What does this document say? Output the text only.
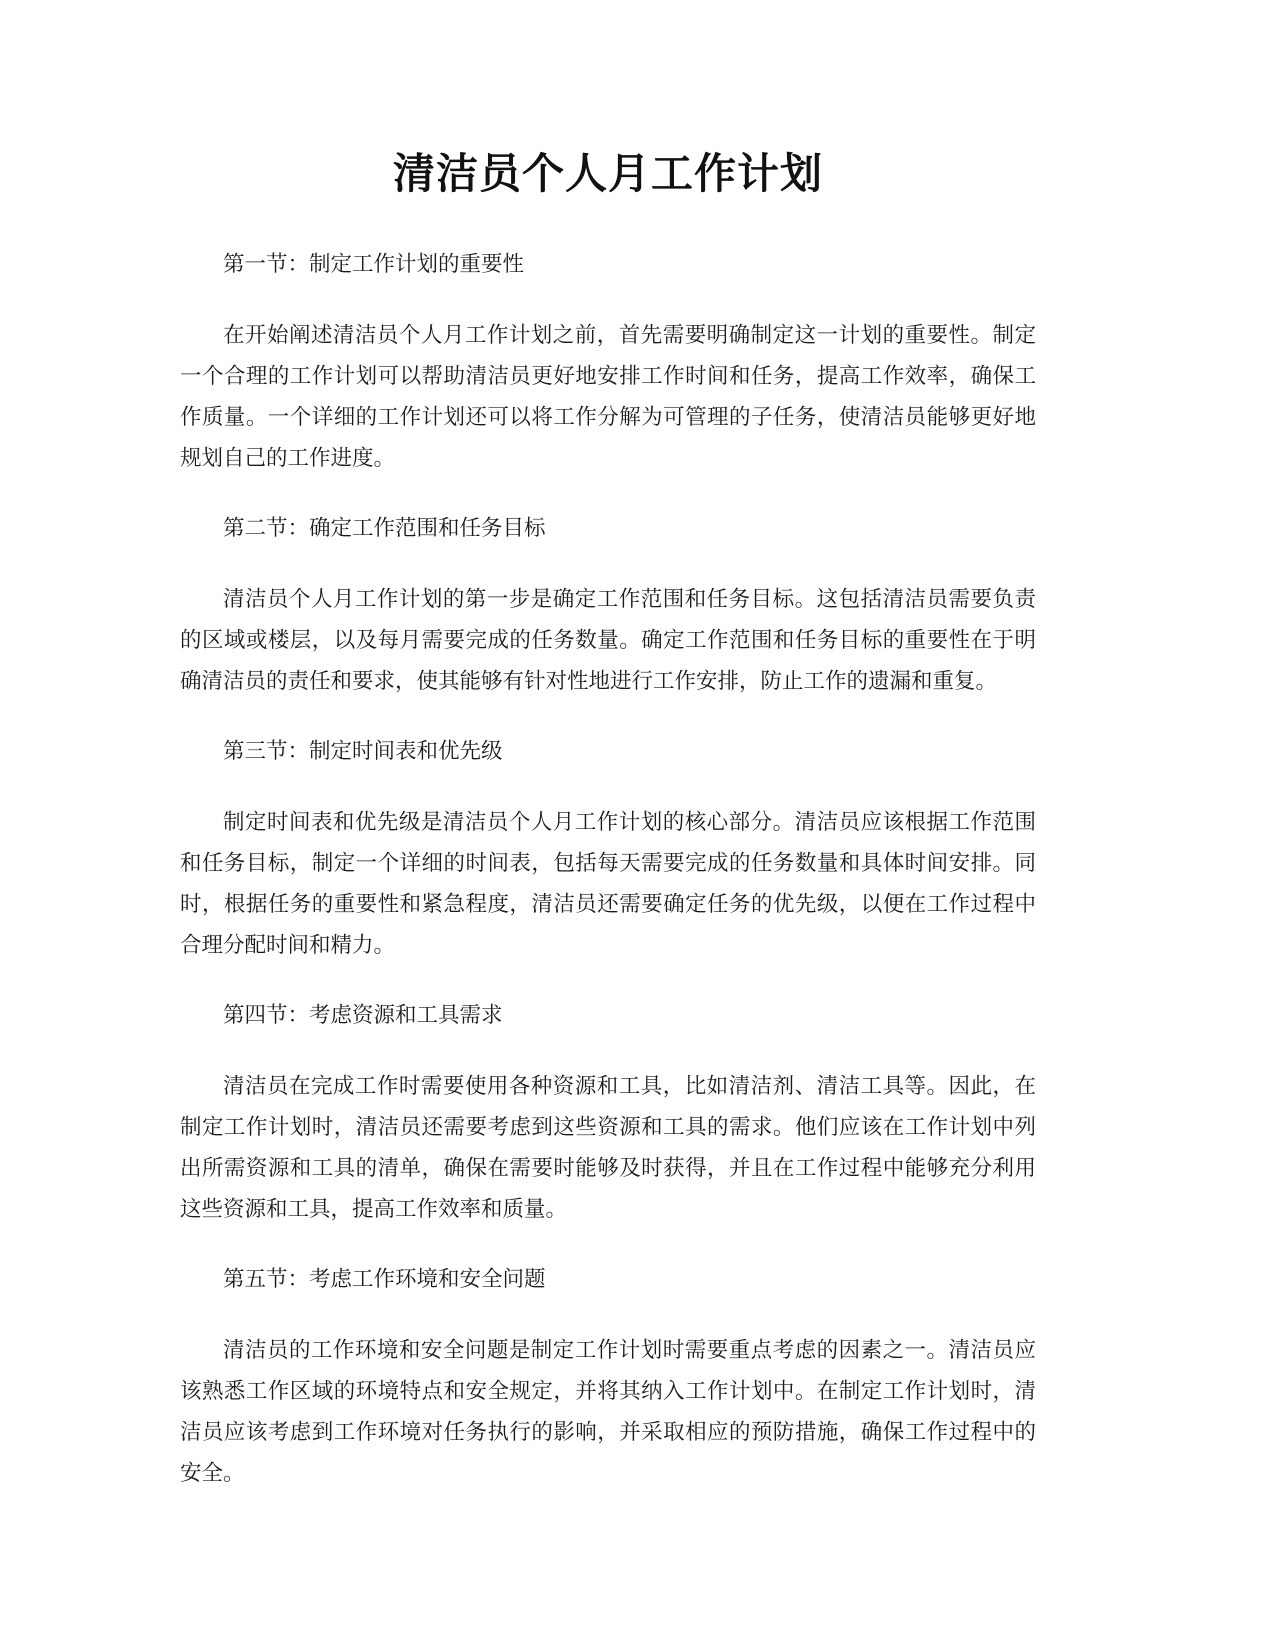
清洁员个人月工作计划

第一节：制定工作计划的重要性

在开始阐述清洁员个人月工作计划之前，首先需要明确制定这一计划的重要性。制定一个合理的工作计划可以帮助清洁员更好地安排工作时间和任务，提高工作效率，确保工作质量。一个详细的工作计划还可以将工作分解为可管理的子任务，使清洁员能够更好地规划自己的工作进度。

第二节：确定工作范围和任务目标

清洁员个人月工作计划的第一步是确定工作范围和任务目标。这包括清洁员需要负责的区域或楼层，以及每月需要完成的任务数量。确定工作范围和任务目标的重要性在于明确清洁员的责任和要求，使其能够有针对性地进行工作安排，防止工作的遗漏和重复。

第三节：制定时间表和优先级

制定时间表和优先级是清洁员个人月工作计划的核心部分。清洁员应该根据工作范围和任务目标，制定一个详细的时间表，包括每天需要完成的任务数量和具体时间安排。同时，根据任务的重要性和紧急程度，清洁员还需要确定任务的优先级，以便在工作过程中合理分配时间和精力。

第四节：考虑资源和工具需求

清洁员在完成工作时需要使用各种资源和工具，比如清洁剂、清洁工具等。因此，在制定工作计划时，清洁员还需要考虑到这些资源和工具的需求。他们应该在工作计划中列出所需资源和工具的清单，确保在需要时能够及时获得，并且在工作过程中能够充分利用这些资源和工具，提高工作效率和质量。

第五节：考虑工作环境和安全问题

清洁员的工作环境和安全问题是制定工作计划时需要重点考虑的因素之一。清洁员应该熟悉工作区域的环境特点和安全规定，并将其纳入工作计划中。在制定工作计划时，清洁员应该考虑到工作环境对任务执行的影响，并采取相应的预防措施，确保工作过程中的安全。
